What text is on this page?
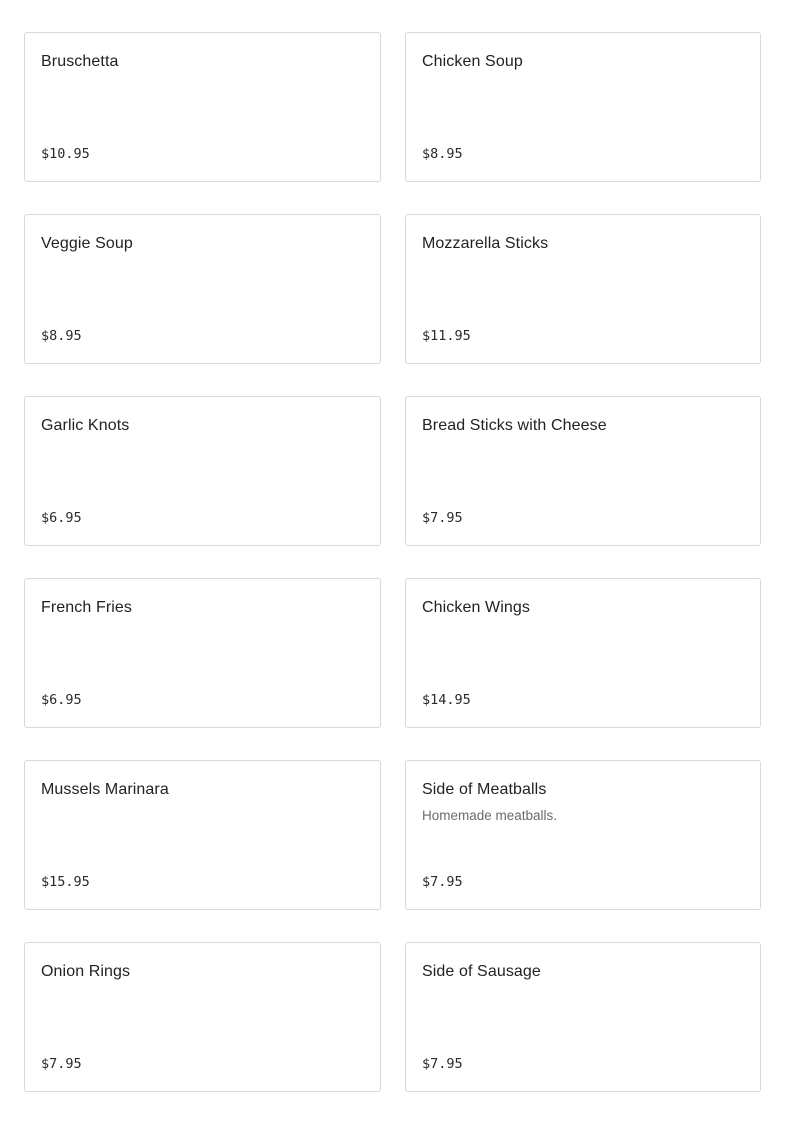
Bruschetta
$10.95
Chicken Soup
$8.95
Veggie Soup
$8.95
Mozzarella Sticks
$11.95
Garlic Knots
$6.95
Bread Sticks with Cheese
$7.95
French Fries
$6.95
Chicken Wings
$14.95
Mussels Marinara
$15.95
Side of Meatballs
Homemade meatballs.
$7.95
Onion Rings
$7.95
Side of Sausage
$7.95
